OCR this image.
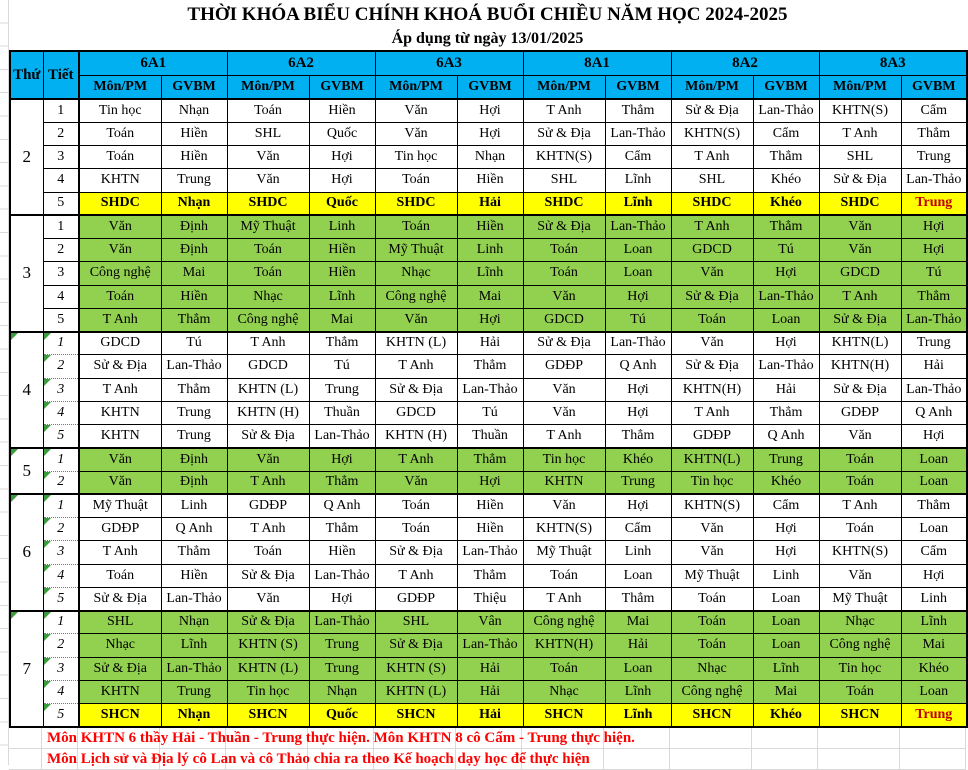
THỜI KHÓA BIỂU CHÍNH KHOÁ BUỔI CHIỀU NĂM HỌC 2024-2025
Áp dụng từ ngày 13/01/2025
Thứ	Tiết	6A1		6A2		6A3		8A1		8A2		8A3	
		Môn/PM	GVBM	Môn/PM	GVBM	Môn/PM	GVBM	Môn/PM	GVBM	Môn/PM	GVBM	Môn/PM	GVBM
2	1	Tin học	Nhạn	Toán	Hiền	Văn	Hợi	T Anh	Thẳm	Sử & Địa	Lan-Thảo	KHTN(S)	Cẩm
	2	Toán	Hiền	SHL	Quốc	Văn	Hợi	Sử & Địa	Lan-Thảo	KHTN(S)	Cẩm	T Anh	Thẳm
	3	Toán	Hiền	Văn	Hợi	Tin học	Nhạn	KHTN(S)	Cẩm	T Anh	Thẳm	SHL	Trung
	4	KHTN	Trung	Văn	Hợi	Toán	Hiền	SHL	Lĩnh	SHL	Khéo	Sử & Địa	Lan-Thảo
	5	SHDC	Nhạn	SHDC	Quốc	SHDC	Hải	SHDC	Lĩnh	SHDC	Khéo	SHDC	Trung
3	1	Văn	Định	Mỹ Thuật	Linh	Toán	Hiền	Sử & Địa	Lan-Thảo	T Anh	Thẳm	Văn	Hợi
	2	Văn	Định	Toán	Hiền	Mỹ Thuật	Linh	Toán	Loan	GDCD	Tú	Văn	Hợi
	3	Công nghệ	Mai	Toán	Hiền	Nhạc	Lĩnh	Toán	Loan	Văn	Hợi	GDCD	Tú
	4	Toán	Hiền	Nhạc	Lĩnh	Công nghệ	Mai	Văn	Hợi	Sử & Địa	Lan-Thảo	T Anh	Thẳm
	5	T Anh	Thẳm	Công nghệ	Mai	Văn	Hợi	GDCD	Tú	Toán	Loan	Sử & Địa	Lan-Thảo
4	1	GDCD	Tú	T Anh	Thẳm	KHTN (L)	Hải	Sử & Địa	Lan-Thảo	Văn	Hợi	KHTN(L)	Trung
	2	Sử & Địa	Lan-Thảo	GDCD	Tú	T Anh	Thẳm	GDĐP	Q Anh	Sử & Địa	Lan-Thảo	KHTN(H)	Hải
	3	T Anh	Thẳm	KHTN (L)	Trung	Sử & Địa	Lan-Thảo	Văn	Hợi	KHTN(H)	Hải	Sử & Địa	Lan-Thảo
	4	KHTN	Trung	KHTN (H)	Thuần	GDCD	Tú	Văn	Hợi	T Anh	Thẳm	GDĐP	Q Anh
	5	KHTN	Trung	Sử & Địa	Lan-Thảo	KHTN (H)	Thuần	T Anh	Thẳm	GDĐP	Q Anh	Văn	Hợi
5	1	Văn	Định	Văn	Hợi	T Anh	Thẳm	Tin học	Khéo	KHTN(L)	Trung	Toán	Loan
	2	Văn	Định	T Anh	Thẳm	Văn	Hợi	KHTN	Trung	Tin học	Khéo	Toán	Loan
6	1	Mỹ Thuật	Linh	GDĐP	Q Anh	Toán	Hiền	Văn	Hợi	KHTN(S)	Cẩm	T Anh	Thẳm
	2	GDĐP	Q Anh	T Anh	Thẳm	Toán	Hiền	KHTN(S)	Cẩm	Văn	Hợi	Toán	Loan
	3	T Anh	Thẳm	Toán	Hiền	Sử & Địa	Lan-Thảo	Mỹ Thuật	Linh	Văn	Hợi	KHTN(S)	Cẩm
	4	Toán	Hiền	Sử & Địa	Lan-Thảo	T Anh	Thẳm	Toán	Loan	Mỹ Thuật	Linh	Văn	Hợi
	5	Sử & Địa	Lan-Thảo	Văn	Hợi	GDĐP	Thiệu	T Anh	Thẳm	Toán	Loan	Mỹ Thuật	Linh
7	1	SHL	Nhạn	Sử & Địa	Lan-Thảo	SHL	Vân	Công nghệ	Mai	Toán	Loan	Nhạc	Lĩnh
	2	Nhạc	Lĩnh	KHTN (S)	Trung	Sử & Địa	Lan-Thảo	KHTN(H)	Hải	Toán	Loan	Công nghệ	Mai
	3	Sử & Địa	Lan-Thảo	KHTN (L)	Trung	KHTN (S)	Hải	Toán	Loan	Nhạc	Lĩnh	Tin học	Khéo
	4	KHTN	Trung	Tin học	Nhạn	KHTN (L)	Hải	Nhạc	Lĩnh	Công nghệ	Mai	Toán	Loan
	5	SHCN	Nhạn	SHCN	Quốc	SHCN	Hải	SHCN	Lĩnh	SHCN	Khéo	SHCN	Trung
Môn KHTN 6 thầy Hải - Thuần - Trung thực hiện. Môn KHTN 8 cô Cẩm - Trung thực hiện.
Môn Lịch sử và Địa lý cô Lan và cô Thảo chia ra theo Kế hoạch dạy học để thực hiện
